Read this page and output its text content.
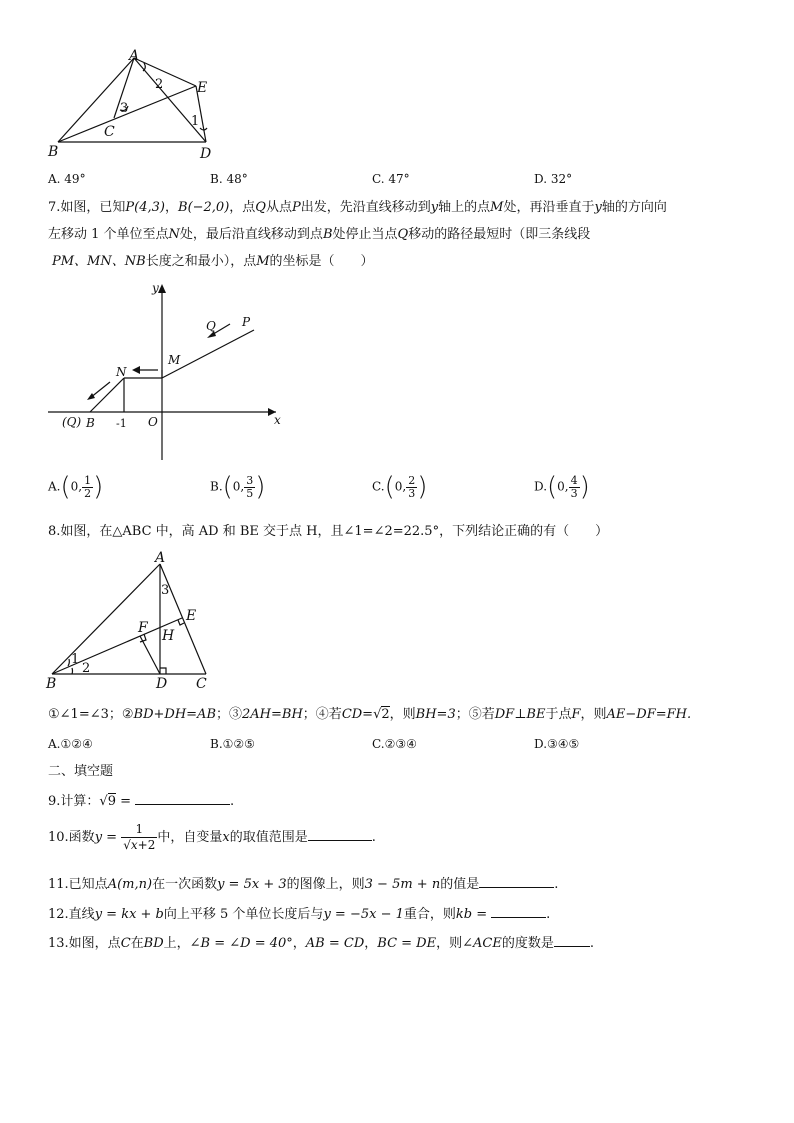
A
E
B
C
D
1
2
3
A. 49°	B. 48°	C. 47°	D. 32°
7.如图，已知P(4,3)，B(−2,0)，点Q从点P出发，先沿直线移动到y轴上的点M处，再沿垂直于y轴的方向向
左移动 1 个单位至点N处，最后沿直线移动到点B处停止当点Q移动的路径最短时（即三条线段
PM、MN、NB长度之和最小），点M的坐标是（　　）
y
x
P
Q
M
N
O
(Q) B -1
A.(0, $\frac{1}{2}$ )	B.(0, $\frac{3}{5}$ )	C.(0, $\frac{2}{3}$ )	D.(0, $\frac{4}{3}$ )
8.如图，在△ABC 中，高 AD 和 BE 交于点 H，且∠1=∠2=22.5°，下列结论正确的有（　　）
A
E
F H
B	D C
1
2
3
①∠1=∠3；②BD+DH=AB；③2AH=BH；④若CD=√2，则BH=3；⑤若DF⊥BE于点F，则AE−DF=FH.
A.①②④	B.①②⑤	C.②③④	D.③④⑤
二、填空题
9.计算：√9 =	.
10.函数$y = \frac{1}{√x+2}$ 中，自变量x的取值范围是	.
11.已知点A(m,n)在一次函数y = 5x + 3的图像上，则3 − 5m + n的值是	.
12.直线y = kx + b向上平移 5 个单位长度后与y = −5x − 1重合，则kb =	.
13.如图，点C在BD上，∠B = ∠D = 40°，AB = CD，BC = DE，则∠ACE的度数是	.
